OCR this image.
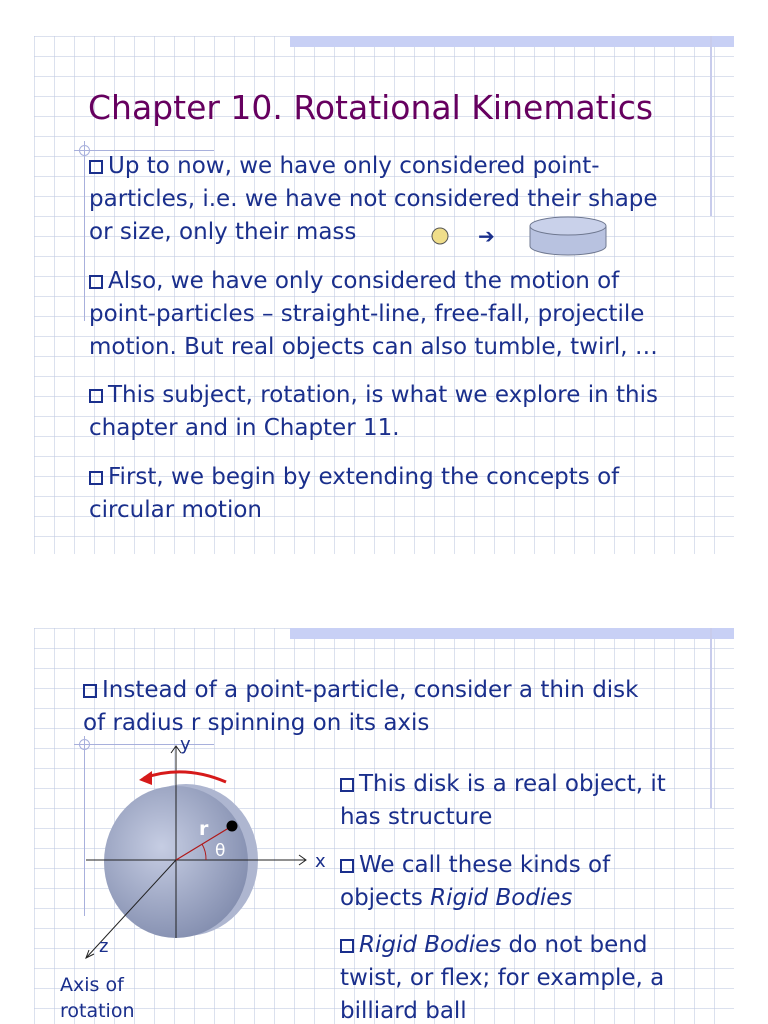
Chapter 10. Rotational Kinematics

Up to now, we have only considered point-

particles, i.e. we have not considered their shape

or size, only their mass	➔

Also, we have only considered the motion of

point-particles – straight-line, free-fall, projectile

motion. But real objects can also tumble, twirl, …

This subject, rotation, is what we explore in this

chapter and in Chapter 11.

First, we begin by extending the concepts of

circular motion

Instead of a point-particle, consider a thin disk

of radius r spinning on its axis

y
x
z
r
θ
Axis of
rotation

This disk is a real object, it

has structure

We call these kinds of

objects Rigid Bodies

Rigid Bodies do not bend

twist, or flex; for example, a

billiard ball
